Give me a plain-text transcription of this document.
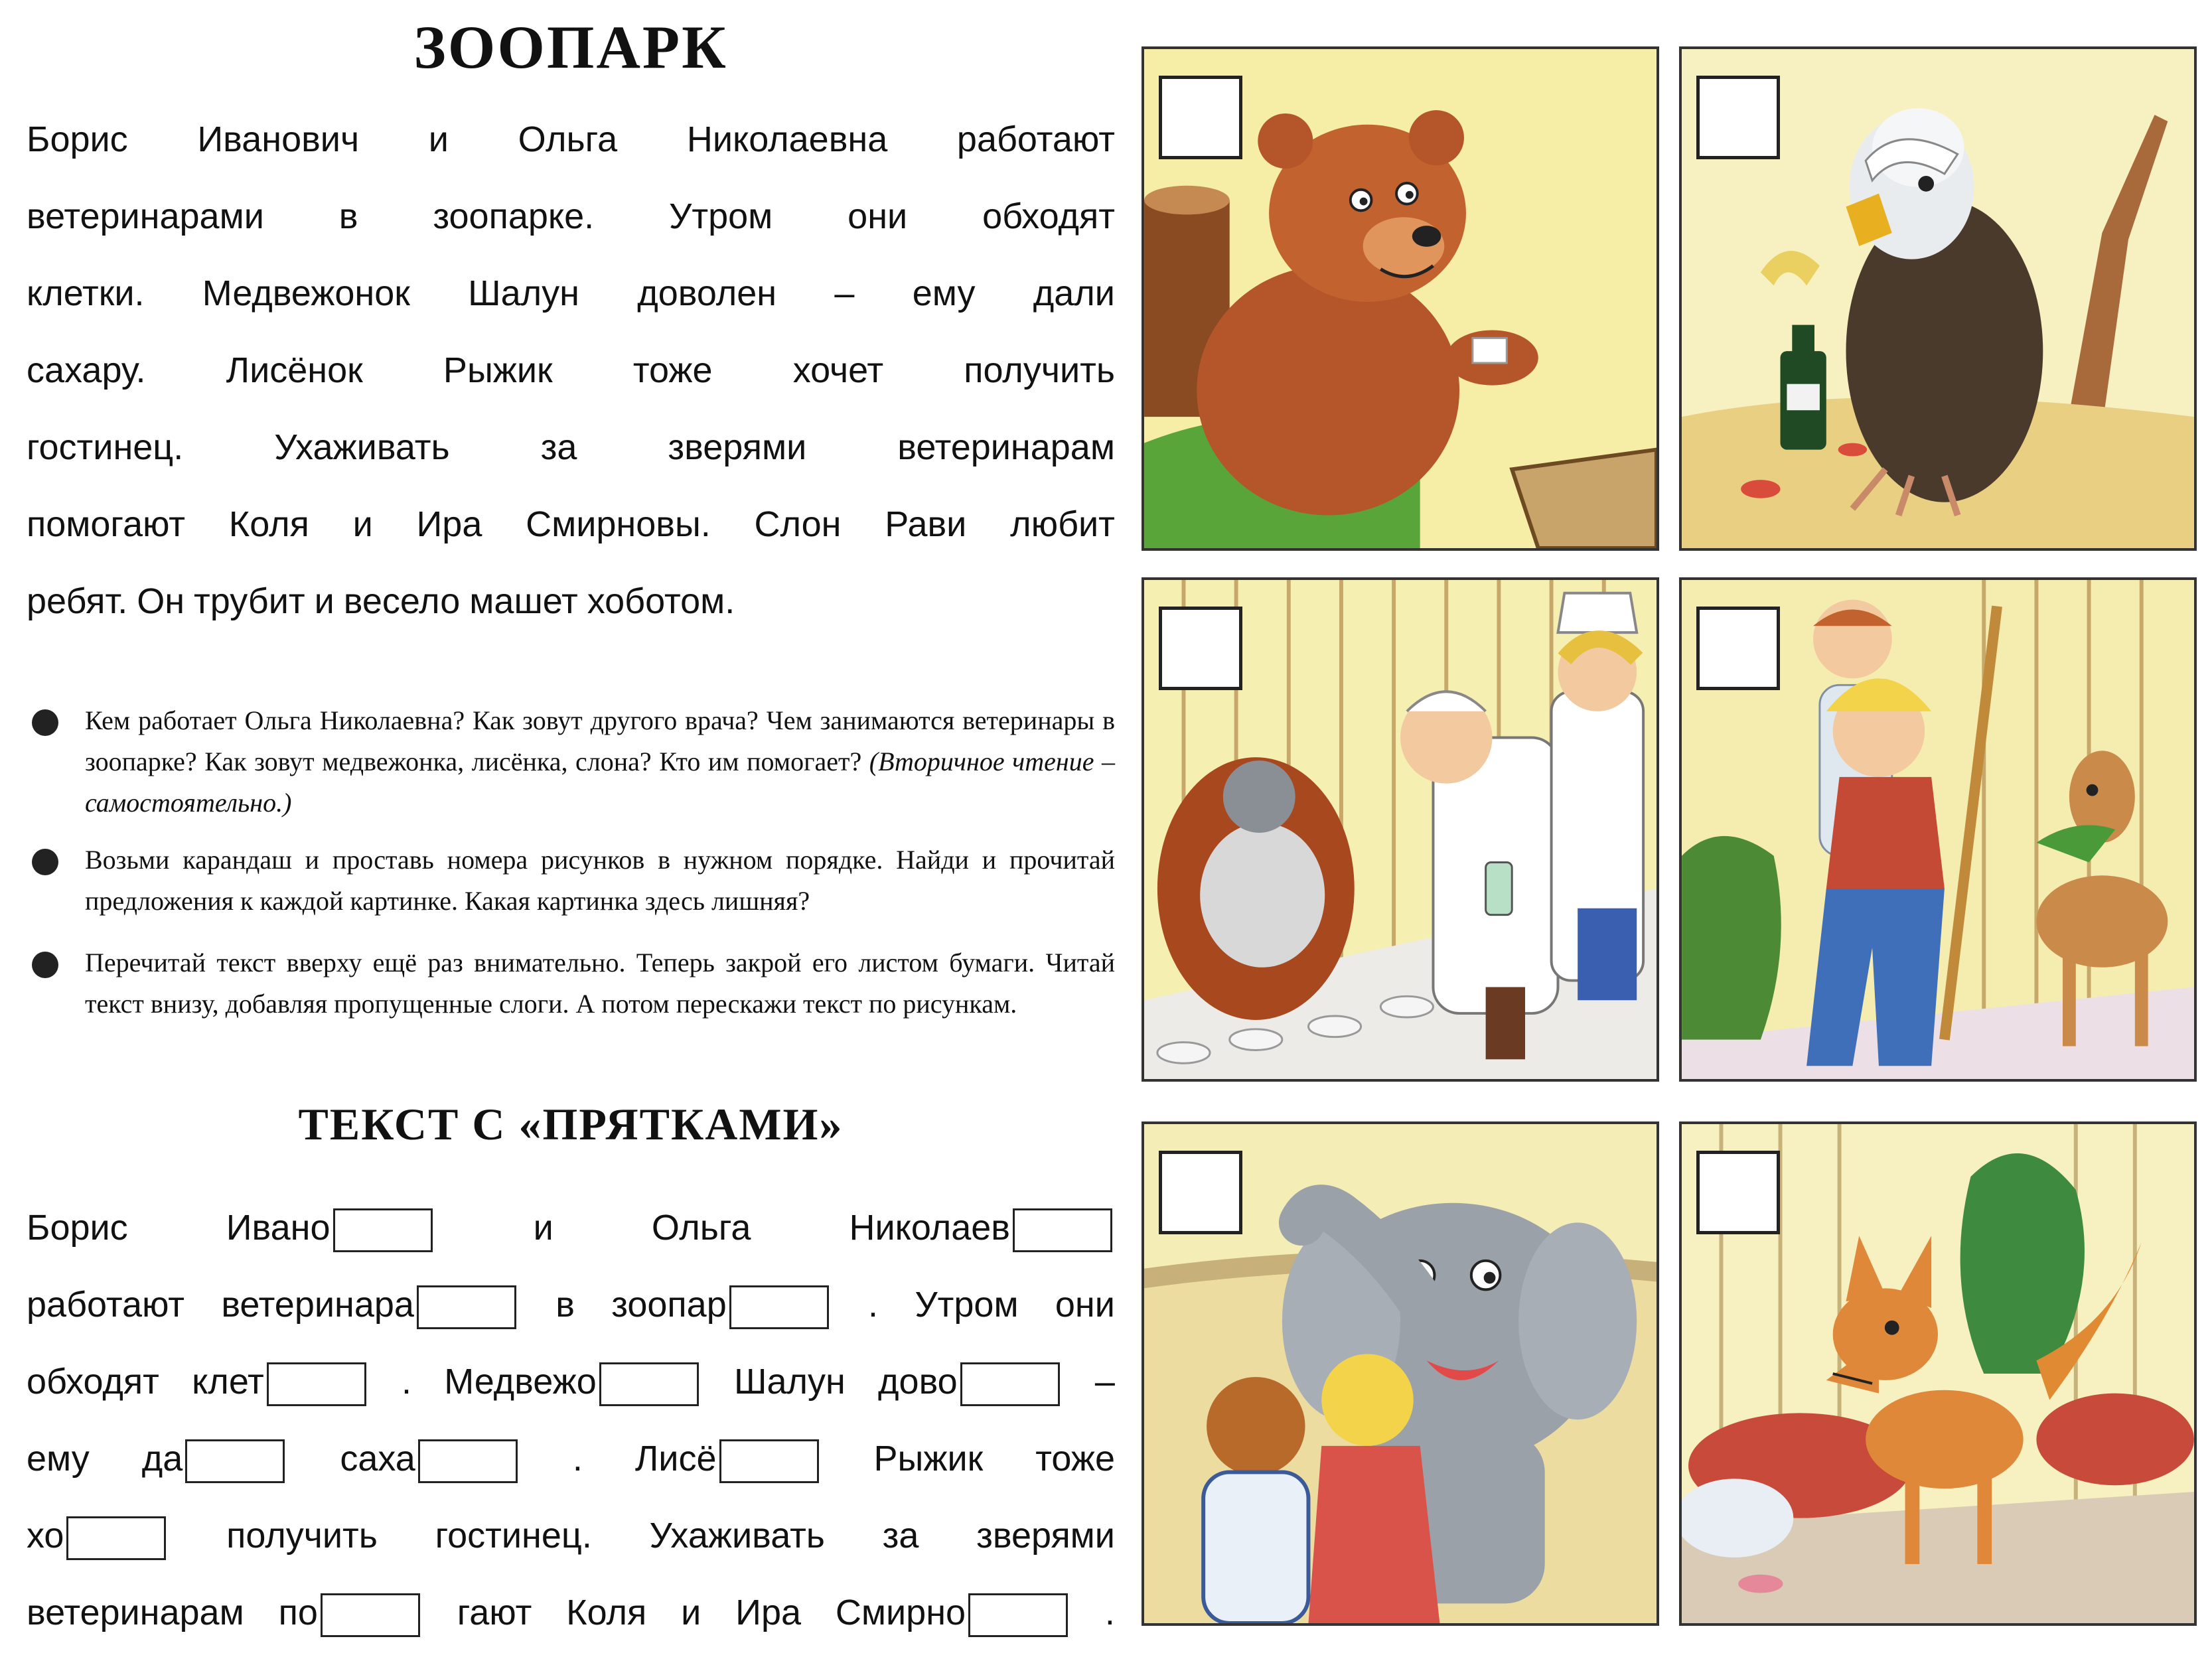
ЗООПАРК
Борис Иванович и Ольга Николаевна работают
ветеринарами в зоопарке. Утром они обходят
клетки. Медвежонок Шалун доволен – ему дали
сахару. Лисёнок Рыжик тоже хочет получить
гостинец.	Ухаживать	за	зверями	ветеринарам
помогают Коля и Ира Смирновы. Слон Рави любит
ребят. Он трубит и весело машет хоботом.
Кем работает Ольга Николаевна? Как зовут другого врача? Чем занимаются ветеринары в зоопарке? Как зовут медвежонка, лисёнка, слона? Кто им помогает? (Вторичное чтение – самостоятельно.)
Возьми карандаш и проставь номера рисунков в нужном порядке. Найди и прочитай предложения к каждой картинке. Какая картинка здесь лишняя?
Перечитай текст вверху ещё раз внимательно. Теперь закрой его листом бумаги. Читай текст внизу, добавляя пропущенные слоги. А потом перескажи текст по рисункам.
ТЕКСТ С «ПРЯТКАМИ»
Борис	Ивано	и	Ольга	Николаев
работают ветеринара	в зоопар	. Утром они
обходят клет	. Медвежо	Шалун дово	–
ему да	саха	. Лисё	Рыжик тоже
хо	получить гостинец. Ухаживать за зверями
ветеринарам по	гают Коля и Ира Смирно	.
